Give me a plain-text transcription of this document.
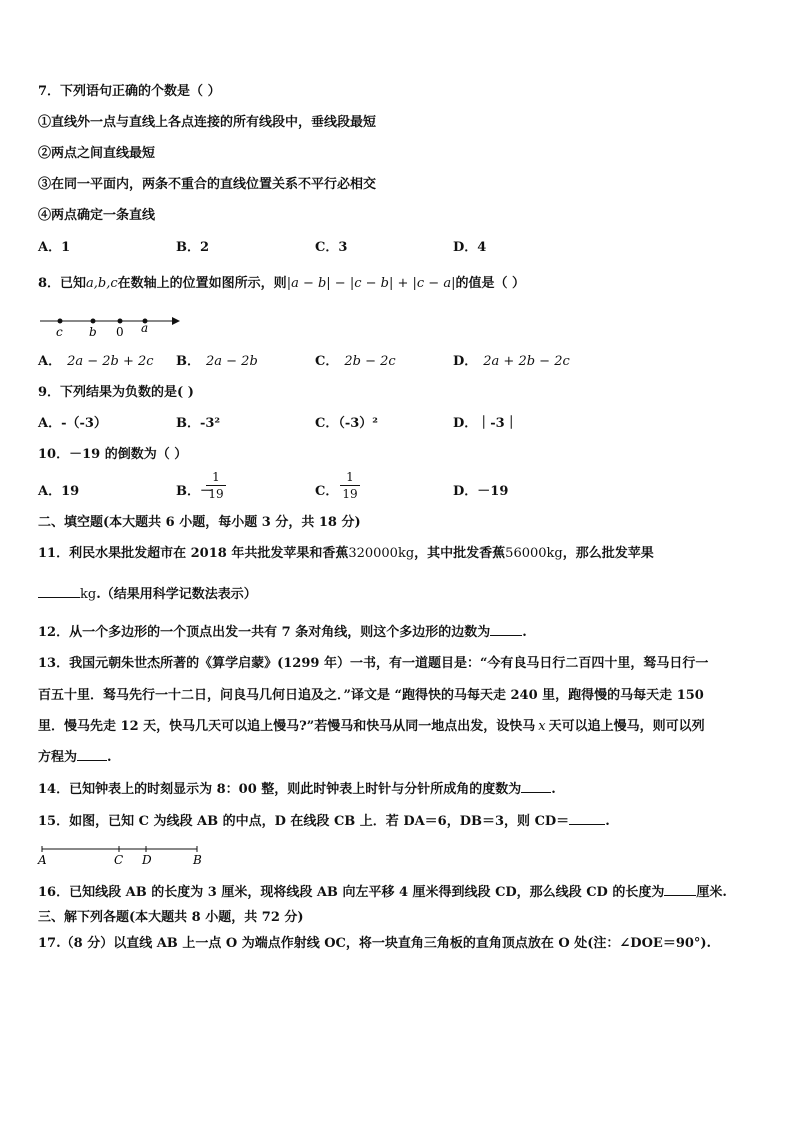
7．下列语句正确的个数是（ ）
①直线外一点与直线上各点连接的所有线段中，垂线段最短
②两点之间直线最短
③在同一平面内，两条不重合的直线位置关系不平行必相交
④两点确定一条直线
A．1	B．2	C．3	D．4
8．已知a,b,c在数轴上的位置如图所示，则|a − b| − |c − b| + |c − a|的值是（ ）
c b 0 a
A． 2a − 2b + 2c B． 2a − 2b	C． 2b − 2c	D． 2a + 2b − 2c
9．下列结果为负数的是( )
A．-（-3）	B．-3²	C．（-3）²	D．｜-3｜
10．－19 的倒数为（ ）
A．19	B．－
1
19	C．
1
19	D．－19
二、填空题(本大题共 6 小题，每小题 3 分，共 18 分)
11．利民水果批发超市在 2018 年共批发苹果和香蕉320000kg，其中批发香蕉56000kg，那么批发苹果
kg.（结果用科学记数法表示）
12．从一个多边形的一个顶点出发一共有 7 条对角线，则这个多边形的边数为 .
13．我国元朝朱世杰所著的《算学启蒙》(1299 年）一书，有一道题目是：“今有良马日行二百四十里，驽马日行一
百五十里．驽马先行一十二日，问良马几何日追及之．”译文是 “跑得快的马每天走 240 里，跑得慢的马每天走 150
里．慢马先走 12 天，快马几天可以追上慢马?”若慢马和快马从同一地点出发，设快马 x 天可以追上慢马，则可以列
方程为 .
14．已知钟表上的时刻显示为 8：00 整，则此时钟表上时针与分针所成角的度数为 .
15．如图，已知 C 为线段 AB 的中点，D 在线段 CB 上．若 DA＝6，DB＝3，则 CD＝	.
A	C D	B
16．已知线段 AB 的长度为 3 厘米，现将线段 AB 向左平移 4 厘米得到线段 CD，那么线段 CD 的长度为 厘米.
三、解下列各题(本大题共 8 小题，共 72 分)
17.（8 分）以直线 AB 上一点 O 为端点作射线 OC，将一块直角三角板的直角顶点放在 O 处(注：∠DOE＝90°).
